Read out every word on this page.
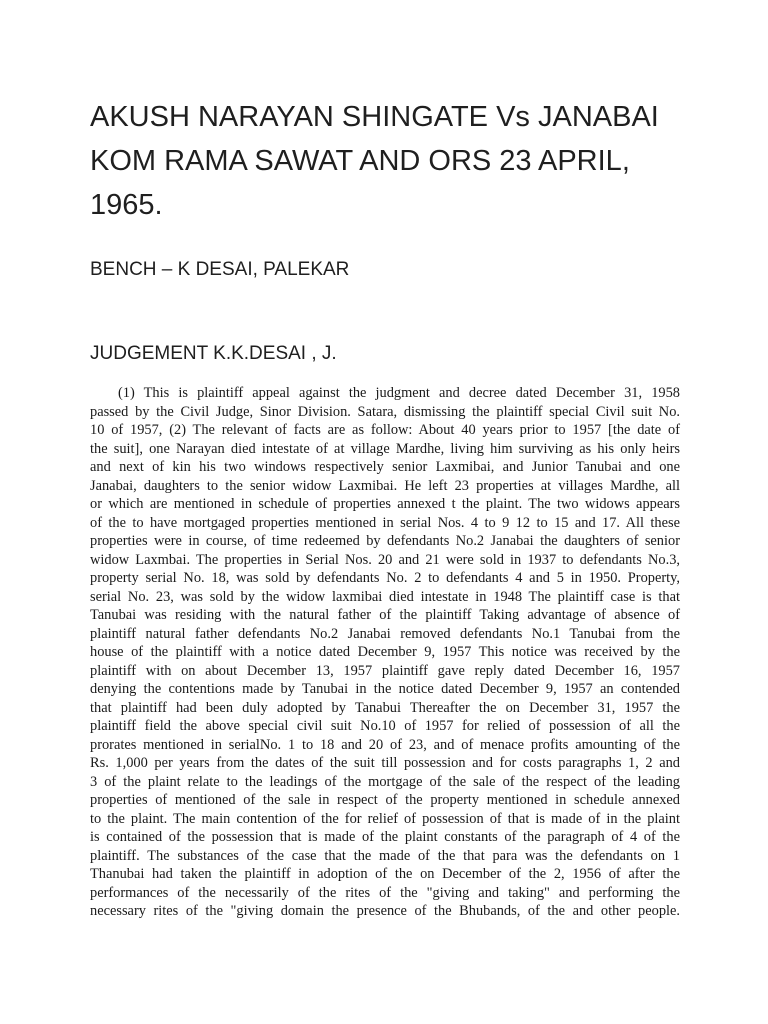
AKUSH NARAYAN SHINGATE Vs JANABAI
KOM RAMA SAWAT AND ORS 23 APRIL,
1965.

BENCH – K DESAI, PALEKAR

JUDGEMENT K.K.DESAI , J.

(1) This is plaintiff appeal against the judgment and decree dated December 31, 1958
passed by the Civil Judge, Sinor Division. Satara, dismissing the plaintiff special Civil suit No.
10 of 1957, (2) The relevant of facts are as follow: About 40 years prior to 1957 [the date of
the suit], one Narayan died intestate of at village Mardhe, living him surviving as his only heirs
and next of kin his two windows respectively senior Laxmibai, and Junior Tanubai and one
Janabai, daughters to the senior widow Laxmibai. He left 23 properties at villages Mardhe, all
or which are mentioned in schedule of properties annexed t the plaint. The two widows appears
of the to have mortgaged properties mentioned in serial Nos. 4 to 9 12 to 15 and 17. All these
properties were in course, of time redeemed by defendants No.2 Janabai the daughters of senior
widow Laxmbai. The properties in Serial Nos. 20 and 21 were sold in 1937 to defendants No.3,
property serial No. 18, was sold by defendants No. 2 to defendants 4 and 5 in 1950. Property,
serial No. 23, was sold by the widow laxmibai died intestate in 1948 The plaintiff case is that
Tanubai was residing with the natural father of the plaintiff Taking advantage of absence of
plaintiff natural father defendants No.2 Janabai removed defendants No.1 Tanubai from the
house of the plaintiff with a notice dated December 9, 1957 This notice was received by the
plaintiff with on about December 13, 1957 plaintiff gave reply dated December 16, 1957
denying the contentions made by Tanubai in the notice dated December 9, 1957 an contended
that plaintiff had been duly adopted by Tanabui Thereafter the on December 31, 1957 the
plaintiff field the above special civil suit No.10 of 1957 for relied of possession of all the
prorates mentioned in serialNo. 1 to 18 and 20 of 23, and of menace profits amounting of the
Rs. 1,000 per years from the dates of the suit till possession and for costs paragraphs 1, 2 and
3 of the plaint relate to the leadings of the mortgage of the sale of the respect of the leading
properties of mentioned of the sale in respect of the property mentioned in schedule annexed
to the plaint. The main contention of the for relief of possession of that is made of in the plaint
is contained of the possession that is made of the plaint constants of the paragraph of 4 of the
plaintiff. The substances of the case that the made of the that para was the defendants on 1
Thanubai had taken the plaintiff in adoption of the on December of the 2, 1956 of after the
performances of the necessarily of the rites of the "giving and taking" and performing the
necessary rites of the "giving domain the presence of the Bhubands, of the and other people.
